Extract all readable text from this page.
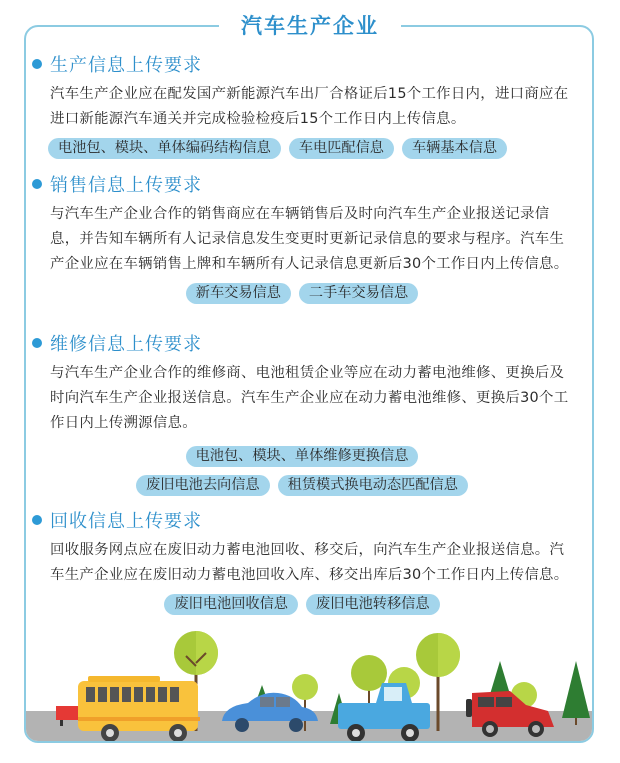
汽车生产企业
生产信息上传要求
汽车生产企业应在配发国产新能源汽车出厂合格证后15个工作日内，进口商应在进口新能源汽车通关并完成检验检疫后15个工作日内上传信息。
电池包、模块、单体编码结构信息	车电匹配信息	车辆基本信息
销售信息上传要求
与汽车生产企业合作的销售商应在车辆销售后及时向汽车生产企业报送记录信息，并告知车辆所有人记录信息发生变更时更新记录信息的要求与程序。汽车生产企业应在车辆销售上牌和车辆所有人记录信息更新后30个工作日内上传信息。
新车交易信息	二手车交易信息
维修信息上传要求
与汽车生产企业合作的维修商、电池租赁企业等应在动力蓄电池维修、更换后及时向汽车生产企业报送信息。汽车生产企业应在动力蓄电池维修、更换后30个工作日内上传溯源信息。
电池包、模块、单体维修更换信息
废旧电池去向信息	租赁模式换电动态匹配信息
回收信息上传要求
回收服务网点应在废旧动力蓄电池回收、移交后，向汽车生产企业报送信息。汽车生产企业应在废旧动力蓄电池回收入库、移交出库后30个工作日内上传信息。
废旧电池回收信息	废旧电池转移信息
